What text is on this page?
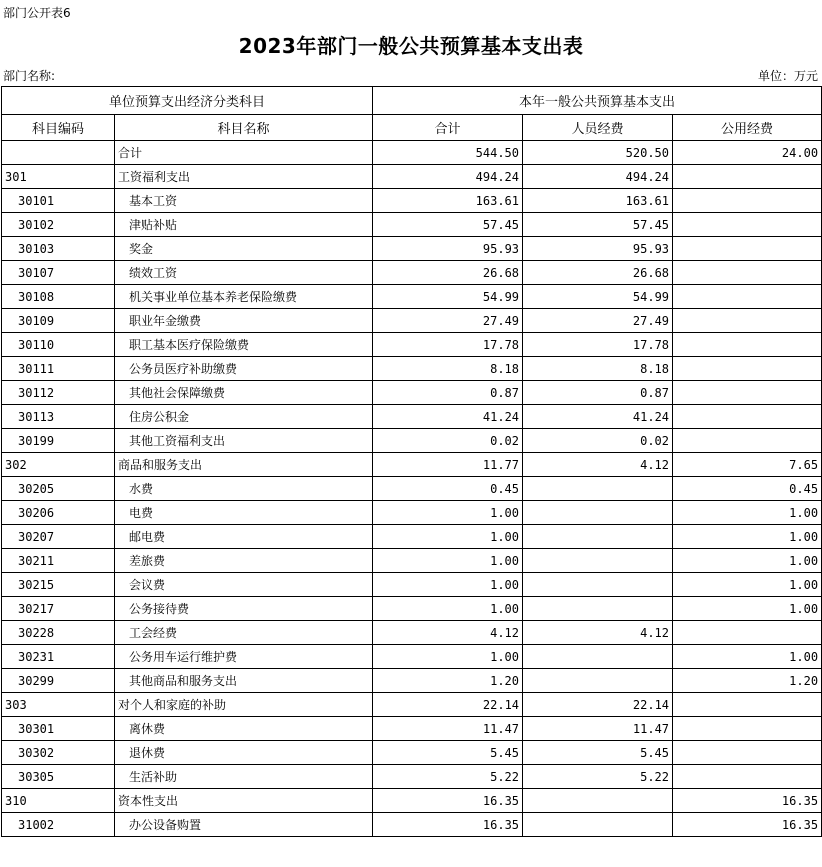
部门公开表6
2023年部门一般公共预算基本支出表
部门名称:	单位：万元
单位预算支出经济分类科目		本年一般公共预算基本支出		
科目编码	科目名称	合计	人员经费	公用经费
	合计	544.50	520.50	24.00
301	工资福利支出	494.24	494.24	
30101	基本工资	163.61	163.61	
30102	津贴补贴	57.45	57.45	
30103	奖金	95.93	95.93	
30107	绩效工资	26.68	26.68	
30108	机关事业单位基本养老保险缴费	54.99	54.99	
30109	职业年金缴费	27.49	27.49	
30110	职工基本医疗保险缴费	17.78	17.78	
30111	公务员医疗补助缴费	8.18	8.18	
30112	其他社会保障缴费	0.87	0.87	
30113	住房公积金	41.24	41.24	
30199	其他工资福利支出	0.02	0.02	
302	商品和服务支出	11.77	4.12	7.65
30205	水费	0.45		0.45
30206	电费	1.00		1.00
30207	邮电费	1.00		1.00
30211	差旅费	1.00		1.00
30215	会议费	1.00		1.00
30217	公务接待费	1.00		1.00
30228	工会经费	4.12	4.12	
30231	公务用车运行维护费	1.00		1.00
30299	其他商品和服务支出	1.20		1.20
303	对个人和家庭的补助	22.14	22.14	
30301	离休费	11.47	11.47	
30302	退休费	5.45	5.45	
30305	生活补助	5.22	5.22	
310	资本性支出	16.35		16.35
31002	办公设备购置	16.35		16.35
